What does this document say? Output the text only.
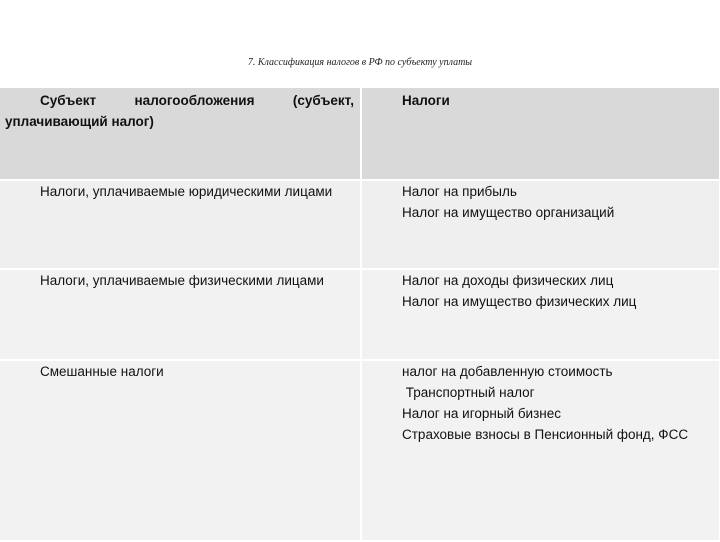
7. Классификация налогов в РФ по субъекту уплаты
Субъект налогообложения (субъект, уплачивающий налог)	Налоги

Налоги, уплачиваемые юридическими лицами	Налог на прибыль
Налог на имущество организаций

Налоги, уплачиваемые физическими лицами	Налог на доходы физических лиц
Налог на имущество физических лиц

Смешанные налоги	налог на добавленную стоимость
Транспортный налог
Налог на игорный бизнес
Страховые взносы в Пенсионный фонд, ФСС
